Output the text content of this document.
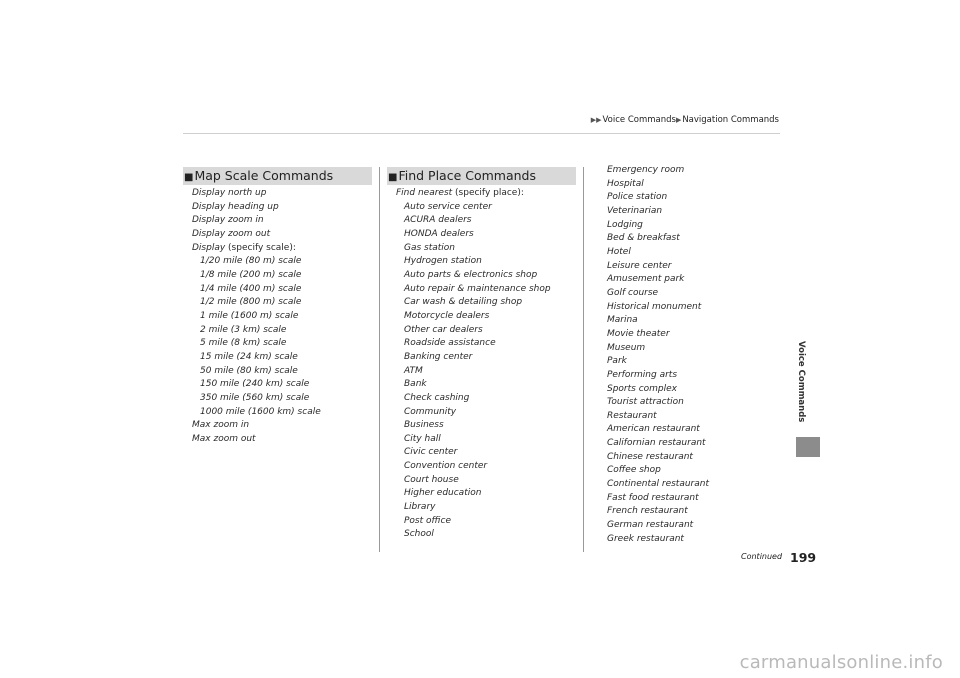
▶▶Voice Commands▶Navigation Commands
■Map Scale Commands
Display north up
Display heading up
Display zoom in
Display zoom out
Display (specify scale):
1/20 mile (80 m) scale
1/8 mile (200 m) scale
1/4 mile (400 m) scale
1/2 mile (800 m) scale
1 mile (1600 m) scale
2 mile (3 km) scale
5 mile (8 km) scale
15 mile (24 km) scale
50 mile (80 km) scale
150 mile (240 km) scale
350 mile (560 km) scale
1000 mile (1600 km) scale
Max zoom in
Max zoom out
■Find Place Commands
Find nearest (specify place):
Auto service center
ACURA dealers
HONDA dealers
Gas station
Hydrogen station
Auto parts & electronics shop
Auto repair & maintenance shop
Car wash & detailing shop
Motorcycle dealers
Other car dealers
Roadside assistance
Banking center
ATM
Bank
Check cashing
Community
Business
City hall
Civic center
Convention center
Court house
Higher education
Library
Post office
School
Emergency room
Hospital
Police station
Veterinarian
Lodging
Bed & breakfast
Hotel
Leisure center
Amusement park
Golf course
Historical monument
Marina
Movie theater
Museum
Park
Performing arts
Sports complex
Tourist attraction
Restaurant
American restaurant
Californian restaurant
Chinese restaurant
Coffee shop
Continental restaurant
Fast food restaurant
French restaurant
German restaurant
Greek restaurant
Voice Commands
Continued 199
carmanualsonline.info
